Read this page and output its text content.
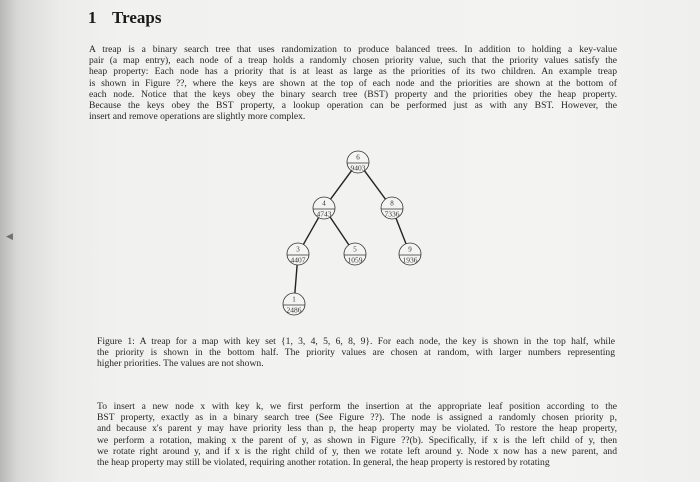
◀
1 Treaps
A treap is a binary search tree that uses randomization to produce balanced trees. In addition to holding a key-value
pair (a map entry), each node of a treap holds a randomly chosen priority value, such that the priority values satisfy the
heap property: Each node has a priority that is at least as large as the priorities of its two children. An example treap
is shown in Figure ??, where the keys are shown at the top of each node and the priorities are shown at the bottom of
each node. Notice that the keys obey the binary search tree (BST) property and the priorities obey the heap property.
Because the keys obey the BST property, a lookup operation can be performed just as with any BST. However, the
insert and remove operations are slightly more complex.
6
9403
4
4743
8
7336
3
4407
5
1059
9
1936
1
2486
Figure 1: A treap for a map with key set {1, 3, 4, 5, 6, 8, 9}. For each node, the key is shown in the top half, while
the priority is shown in the bottom half. The priority values are chosen at random, with larger numbers representing
higher priorities. The values are not shown.
To insert a new node x with key k, we first perform the insertion at the appropriate leaf position according to the
BST property, exactly as in a binary search tree (See Figure ??). The node is assigned a randomly chosen priority p,
and because x's parent y may have priority less than p, the heap property may be violated. To restore the heap property,
we perform a rotation, making x the parent of y, as shown in Figure ??(b). Specifically, if x is the left child of y, then
we rotate right around y, and if x is the right child of y, then we rotate left around y. Node x now has a new parent, and
the heap property may still be violated, requiring another rotation. In general, the heap property is restored by rotating
